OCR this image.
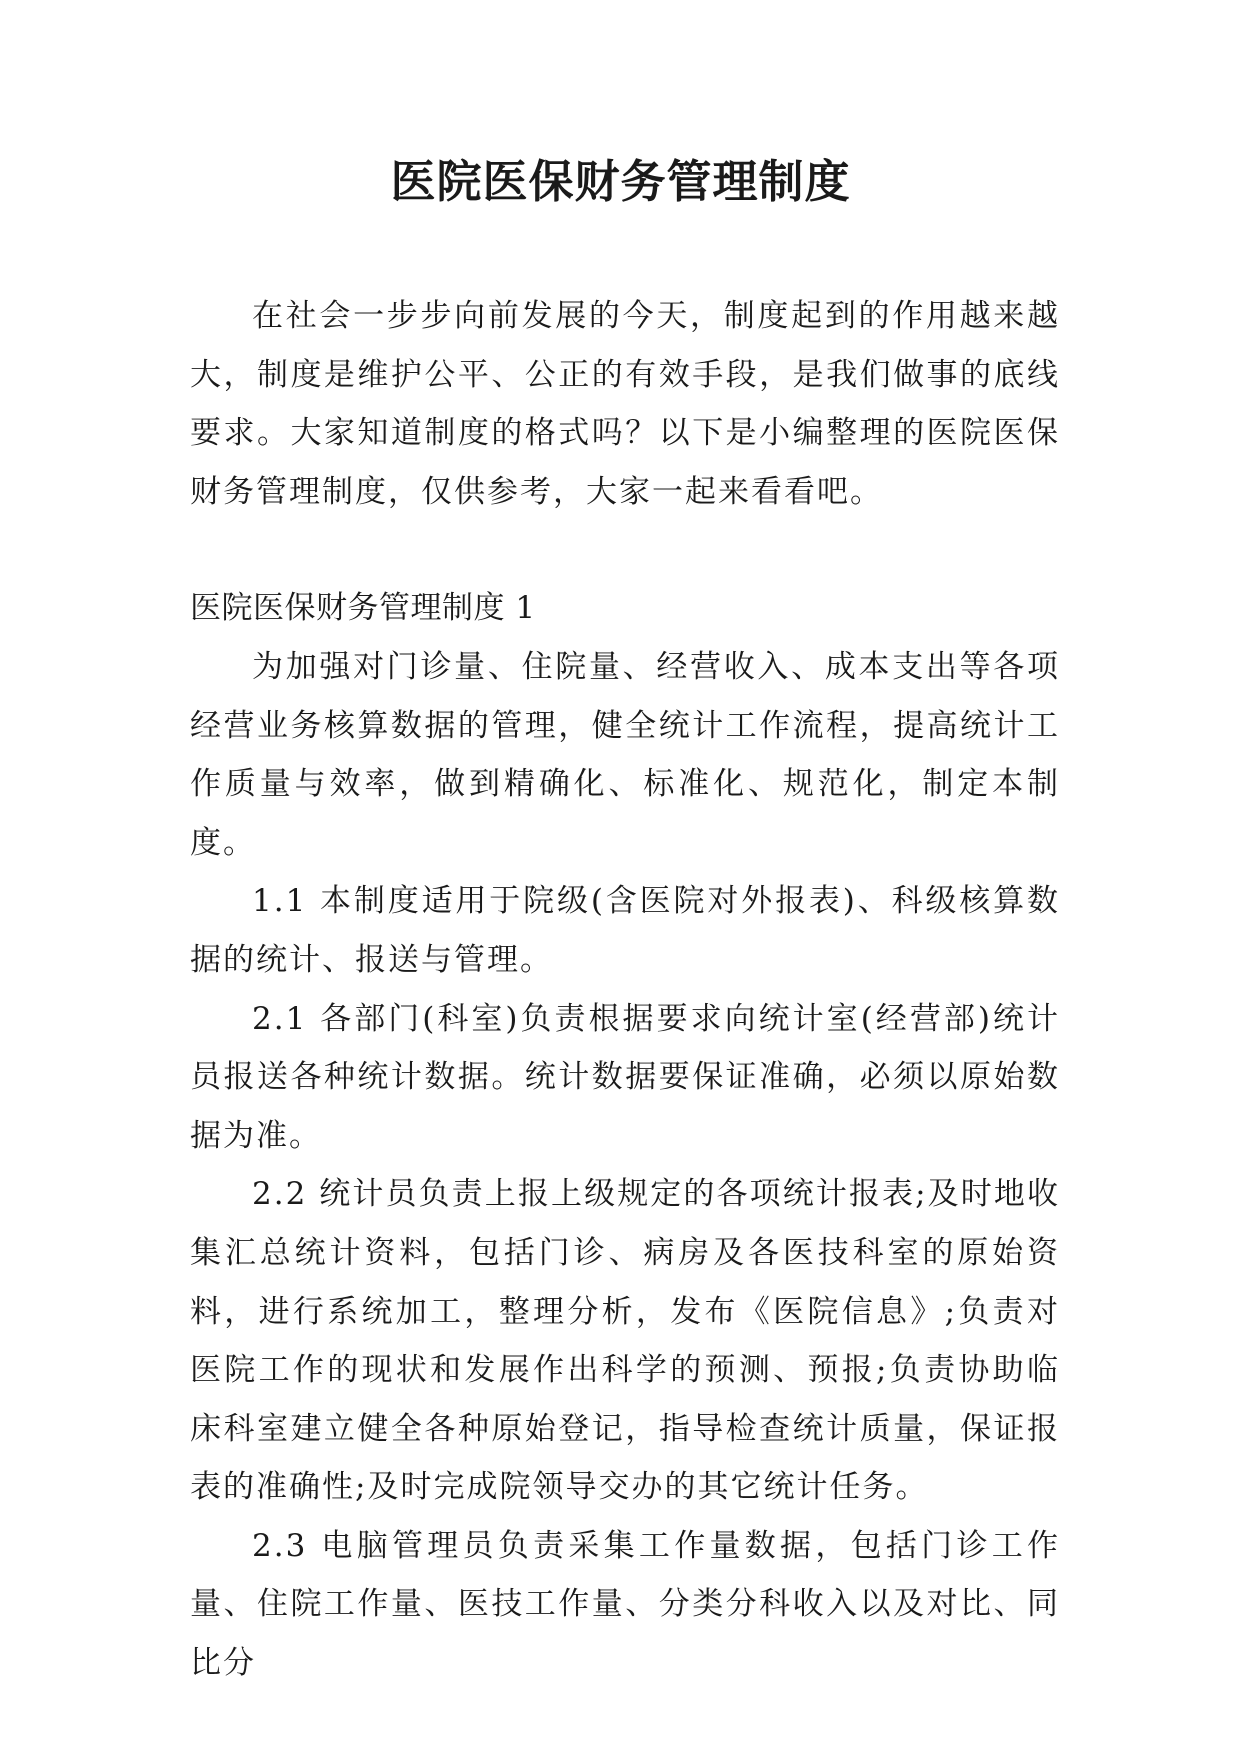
医院医保财务管理制度

在社会一步步向前发展的今天，制度起到的作用越来越大，制度是维护公平、公正的有效手段，是我们做事的底线要求。大家知道制度的格式吗？以下是小编整理的医院医保财务管理制度，仅供参考，大家一起来看看吧。

医院医保财务管理制度 1

为加强对门诊量、住院量、经营收入、成本支出等各项经营业务核算数据的管理，健全统计工作流程，提高统计工作质量与效率，做到精确化、标准化、规范化，制定本制度。

1.1 本制度适用于院级(含医院对外报表)、科级核算数据的统计、报送与管理。

2.1 各部门(科室)负责根据要求向统计室(经营部)统计员报送各种统计数据。统计数据要保证准确，必须以原始数据为准。

2.2 统计员负责上报上级规定的各项统计报表;及时地收集汇总统计资料，包括门诊、病房及各医技科室的原始资料，进行系统加工，整理分析，发布《医院信息》;负责对医院工作的现状和发展作出科学的预测、预报;负责协助临床科室建立健全各种原始登记，指导检查统计质量，保证报表的准确性;及时完成院领导交办的其它统计任务。

2.3 电脑管理员负责采集工作量数据，包括门诊工作量、住院工作量、医技工作量、分类分科收入以及对比、同比分
